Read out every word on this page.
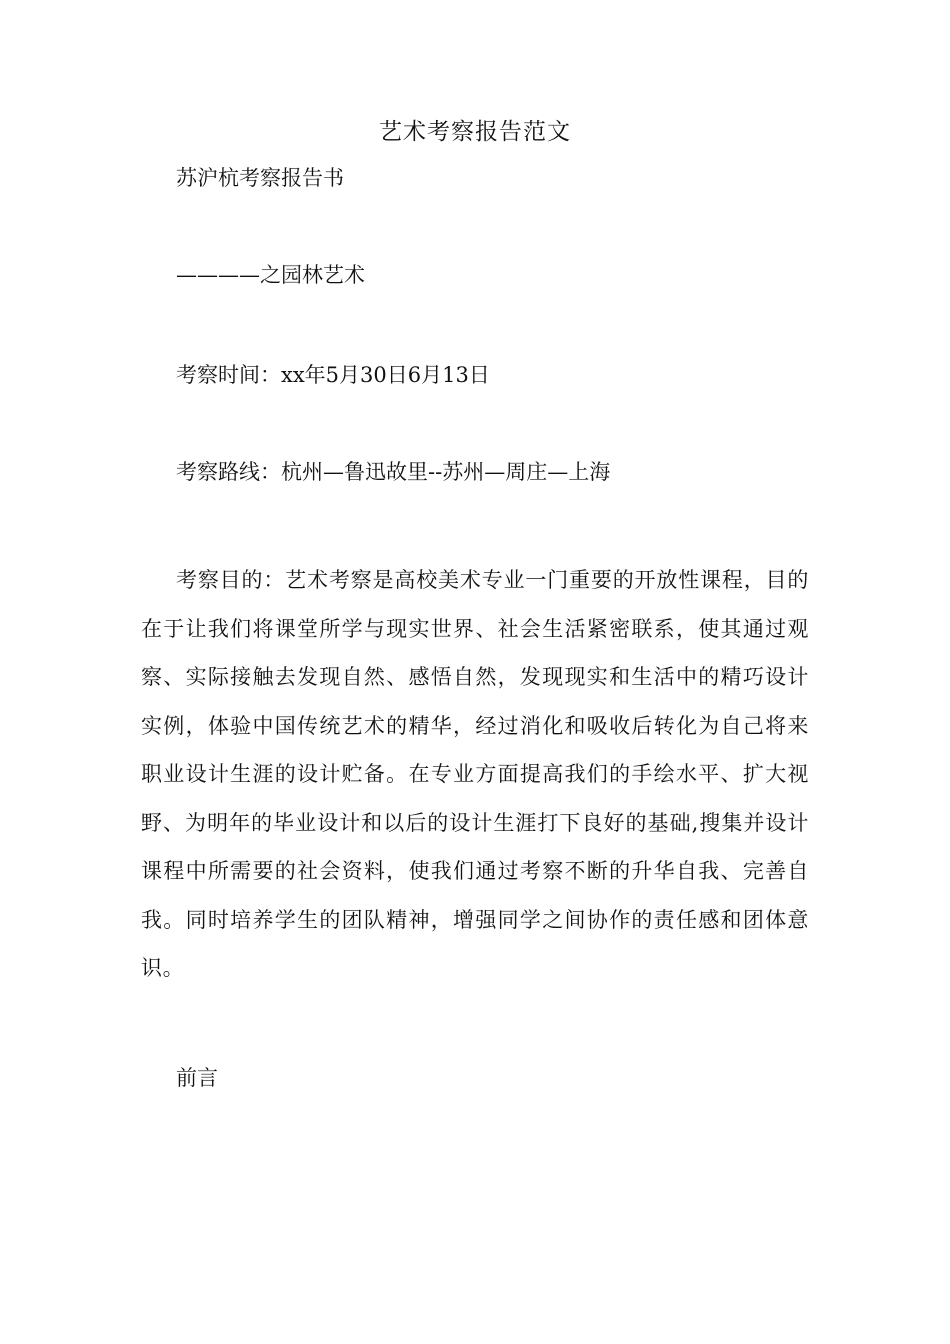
艺术考察报告范文
苏沪杭考察报告书
————之园林艺术
考察时间：xx年5月30日6月13日
考察路线：杭州—鲁迅故里--苏州—周庄—上海
考察目的：艺术考察是高校美术专业一门重要的开放性课程，目的在于让我们将课堂所学与现实世界、社会生活紧密联系，使其通过观察、实际接触去发现自然、感悟自然，发现现实和生活中的精巧设计实例，体验中国传统艺术的精华，经过消化和吸收后转化为自己将来职业设计生涯的设计贮备。在专业方面提高我们的手绘水平、扩大视野、为明年的毕业设计和以后的设计生涯打下良好的基础,搜集并设计课程中所需要的社会资料，使我们通过考察不断的升华自我、完善自我。同时培养学生的团队精神，增强同学之间协作的责任感和团体意识。
前言
